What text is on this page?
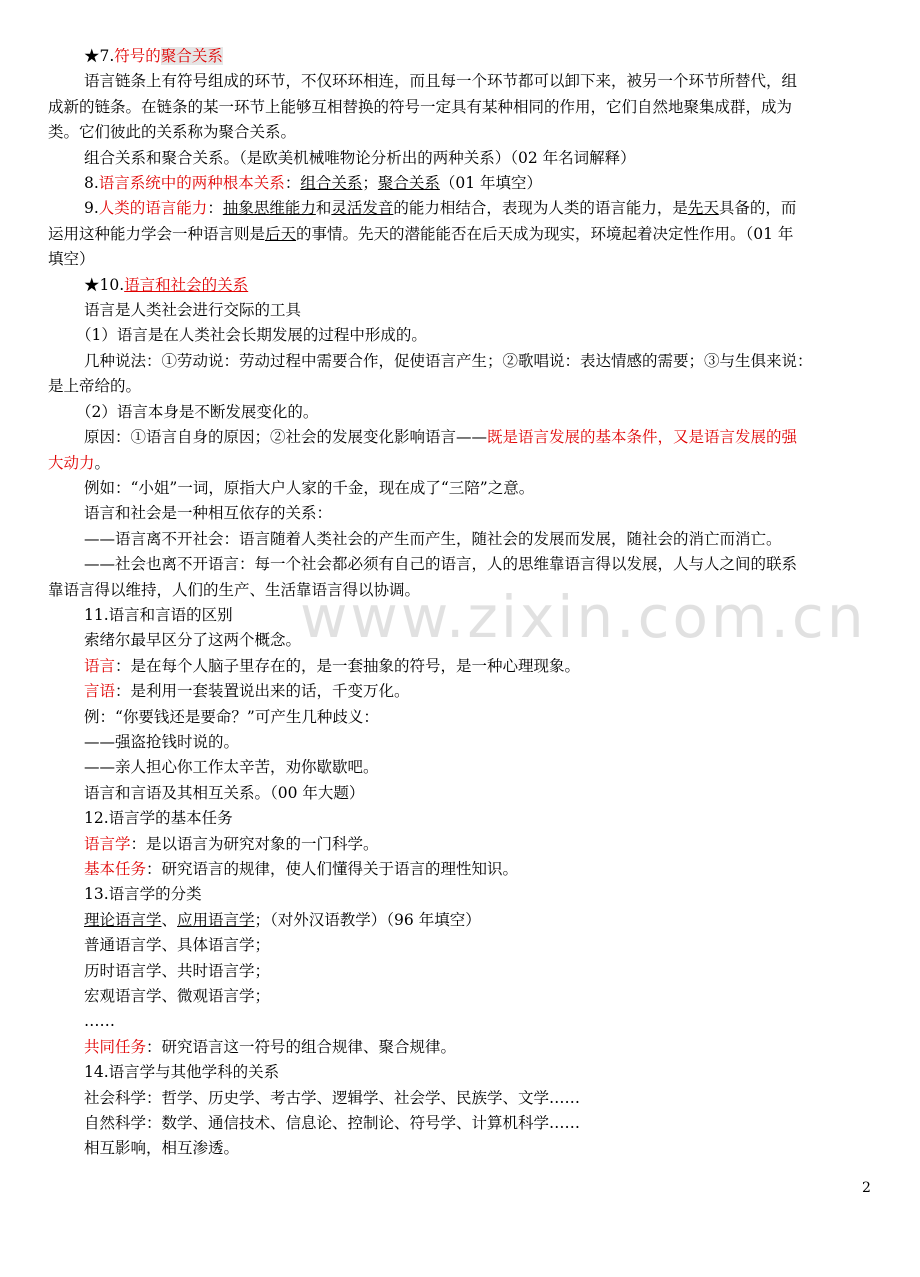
★7.符号的聚合关系
语言链条上有符号组成的环节，不仅环环相连，而且每一个环节都可以卸下来，被另一个环节所替代，组
成新的链条。在链条的某一环节上能够互相替换的符号一定具有某种相同的作用，它们自然地聚集成群，成为
类。它们彼此的关系称为聚合关系。
组合关系和聚合关系。（是欧美机械唯物论分析出的两种关系）（02 年名词解释）
8.语言系统中的两种根本关系：组合关系；聚合关系（01 年填空）
9.人类的语言能力：抽象思维能力和灵活发音的能力相结合，表现为人类的语言能力，是先天具备的，而
运用这种能力学会一种语言则是后天的事情。先天的潜能能否在后天成为现实，环境起着决定性作用。（01 年
填空）
★10.语言和社会的关系
语言是人类社会进行交际的工具
（1）语言是在人类社会长期发展的过程中形成的。
几种说法：①劳动说：劳动过程中需要合作，促使语言产生；②歌唱说：表达情感的需要；③与生俱来说：
是上帝给的。
（2）语言本身是不断发展变化的。
原因：①语言自身的原因；②社会的发展变化影响语言——既是语言发展的基本条件，又是语言发展的强
大动力。
例如：“小姐”一词，原指大户人家的千金，现在成了“三陪”之意。
语言和社会是一种相互依存的关系：
——语言离不开社会：语言随着人类社会的产生而产生，随社会的发展而发展，随社会的消亡而消亡。
——社会也离不开语言：每一个社会都必须有自己的语言，人的思维靠语言得以发展，人与人之间的联系
靠语言得以维持，人们的生产、生活靠语言得以协调。
11.语言和言语的区别
索绪尔最早区分了这两个概念。
语言：是在每个人脑子里存在的，是一套抽象的符号，是一种心理现象。
言语：是利用一套装置说出来的话，千变万化。
例：“你要钱还是要命？”可产生几种歧义：
——强盗抢钱时说的。
——亲人担心你工作太辛苦，劝你歇歇吧。
语言和言语及其相互关系。（00 年大题）
12.语言学的基本任务
语言学：是以语言为研究对象的一门科学。
基本任务：研究语言的规律，使人们懂得关于语言的理性知识。
13.语言学的分类
理论语言学、应用语言学；（对外汉语教学）（96 年填空）
普通语言学、具体语言学；
历时语言学、共时语言学；
宏观语言学、微观语言学；
……
共同任务：研究语言这一符号的组合规律、聚合规律。
14.语言学与其他学科的关系
社会科学：哲学、历史学、考古学、逻辑学、社会学、民族学、文学……
自然科学：数学、通信技术、信息论、控制论、符号学、计算机科学……
相互影响，相互渗透。
www.zixin.com.cn
2
